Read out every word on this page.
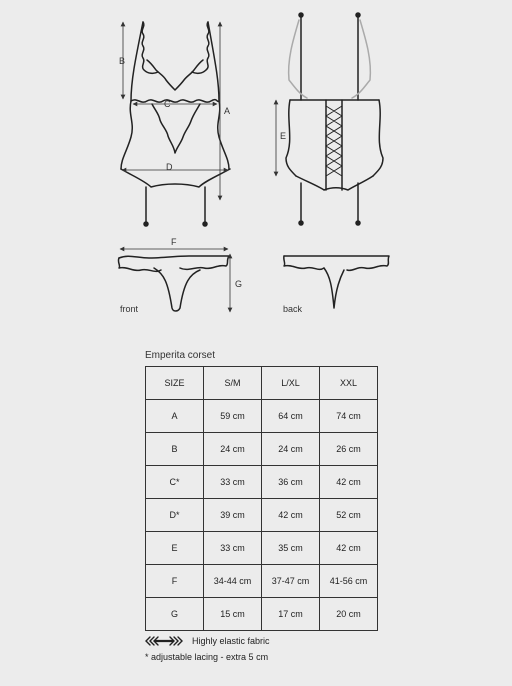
B
A
C
D
E
F
G
front	back
Emperita corset
SIZE	S/M	L/XL	XXL
A	59 cm	64 cm	74 cm
B	24 cm	24 cm	26 cm
C*	33 cm	36 cm	42 cm
D*	39 cm	42 cm	52 cm
E	33 cm	35 cm	42 cm
F	34-44 cm	37-47 cm	41-56 cm
G	15 cm	17 cm	20 cm
Highly elastic fabric
* adjustable lacing - extra 5 cm
